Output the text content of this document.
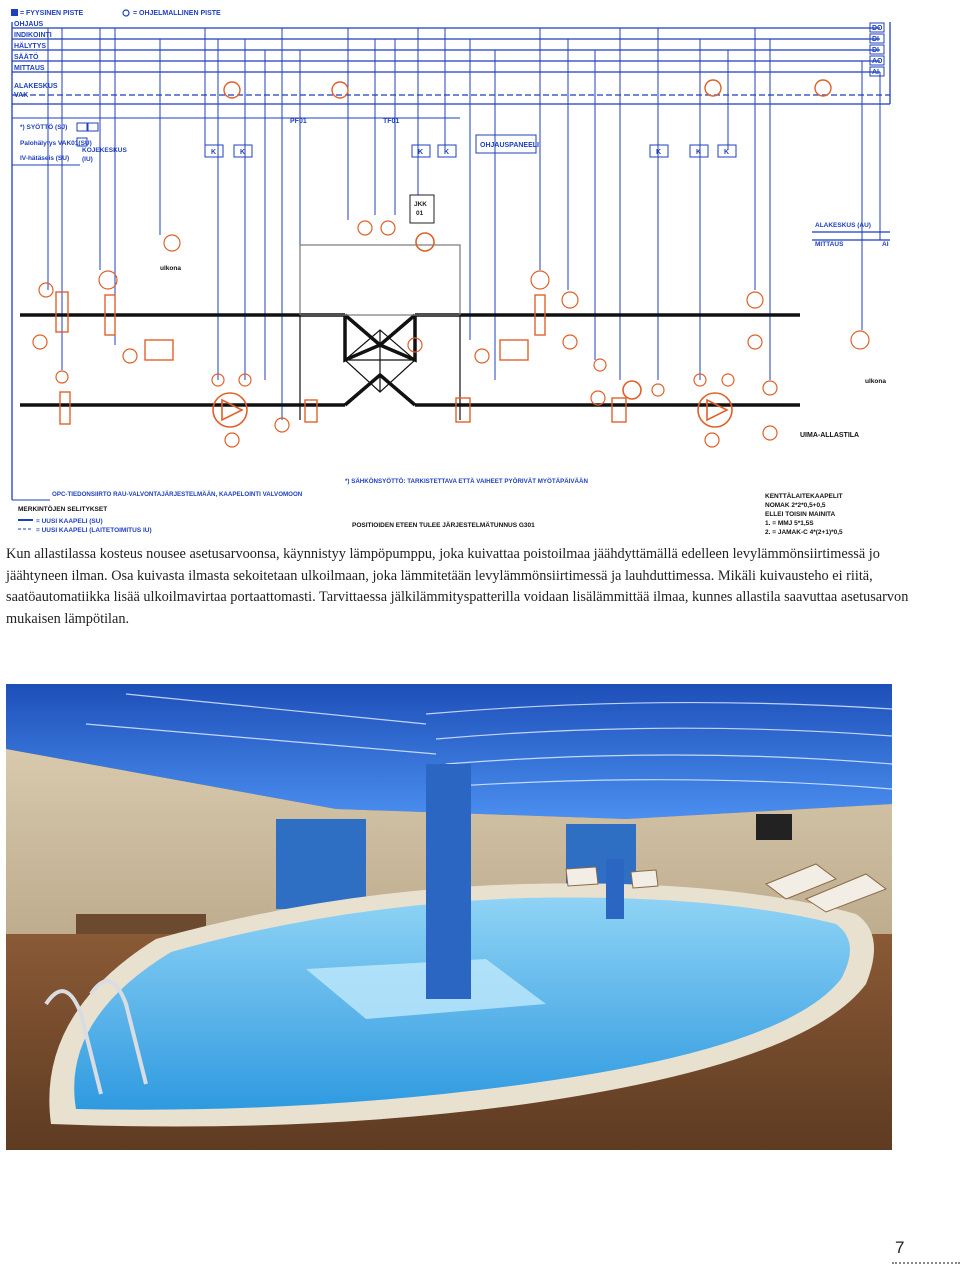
= FYYSINEN PISTE	= OHJELMALLINEN PISTE
OHJAUS
INDIKOINTI
HÄLYTYS
SÄÄTÖ
MITTAUS
ALAKESKUS
VAK
DO
DI
DI
AO
AI
*) SYÖTTÖ (SJ)
Palohälytys VAK01(SU)
IV-hätäseis (SU)
KOJEKESKUS
(IU)
PF01	TF01
OHJAUSPANEELI
K	K	K	K	K	K	K
JKK
01
ALAKESKUS (AU)
MITTAUS	AI
ulkona
ulkona
UIMA-ALLASTILA
OPC-TIEDONSIIRTO RAU-VALVONTAJÄRJESTELMÄÄN, KAAPELOINTI VALVOMOON
*) SÄHKÖNSYÖTTÖ: TARKISTETTAVA ETTÄ VAIHEET PYÖRIVÄT MYÖTÄPÄIVÄÄN
POSITIOIDEN ETEEN TULEE JÄRJESTELMÄTUNNUS G301
MERKINTÖJEN SELITYKSET
= UUSI KAAPELI (SU)
= UUSI KAAPELI (LAITETOIMITUS IU)
KENTTÄLAITEKAAPELIT
NOMAK 2*2*0,5+0,5
ELLEI TOISIN MAINITA
1. = MMJ 5*1,5S
2. = JAMAK-C 4*(2+1)*0,5

Kun allastilassa kosteus nousee asetusarvoonsa, käynnistyy lämpöpumppu, joka kuivattaa poistoilmaa jäähdyttämällä edelleen levylämmönsiirtimessä jo jäähtyneen ilman. Osa kuivasta ilmasta sekoitetaan ulkoilmaan, joka lämmitetään levylämmönsiirtimessä ja lauhduttimessa. Mikäli kuivausteho ei riitä, saatöautomatiikka lisää ulkoilmavirtaa portaattomasti. Tarvittaessa jälkilämmityspatterilla voidaan lisälämmittää ilmaa, kunnes allastila saavuttaa asetusarvon mukaisen lämpötilan.

7
